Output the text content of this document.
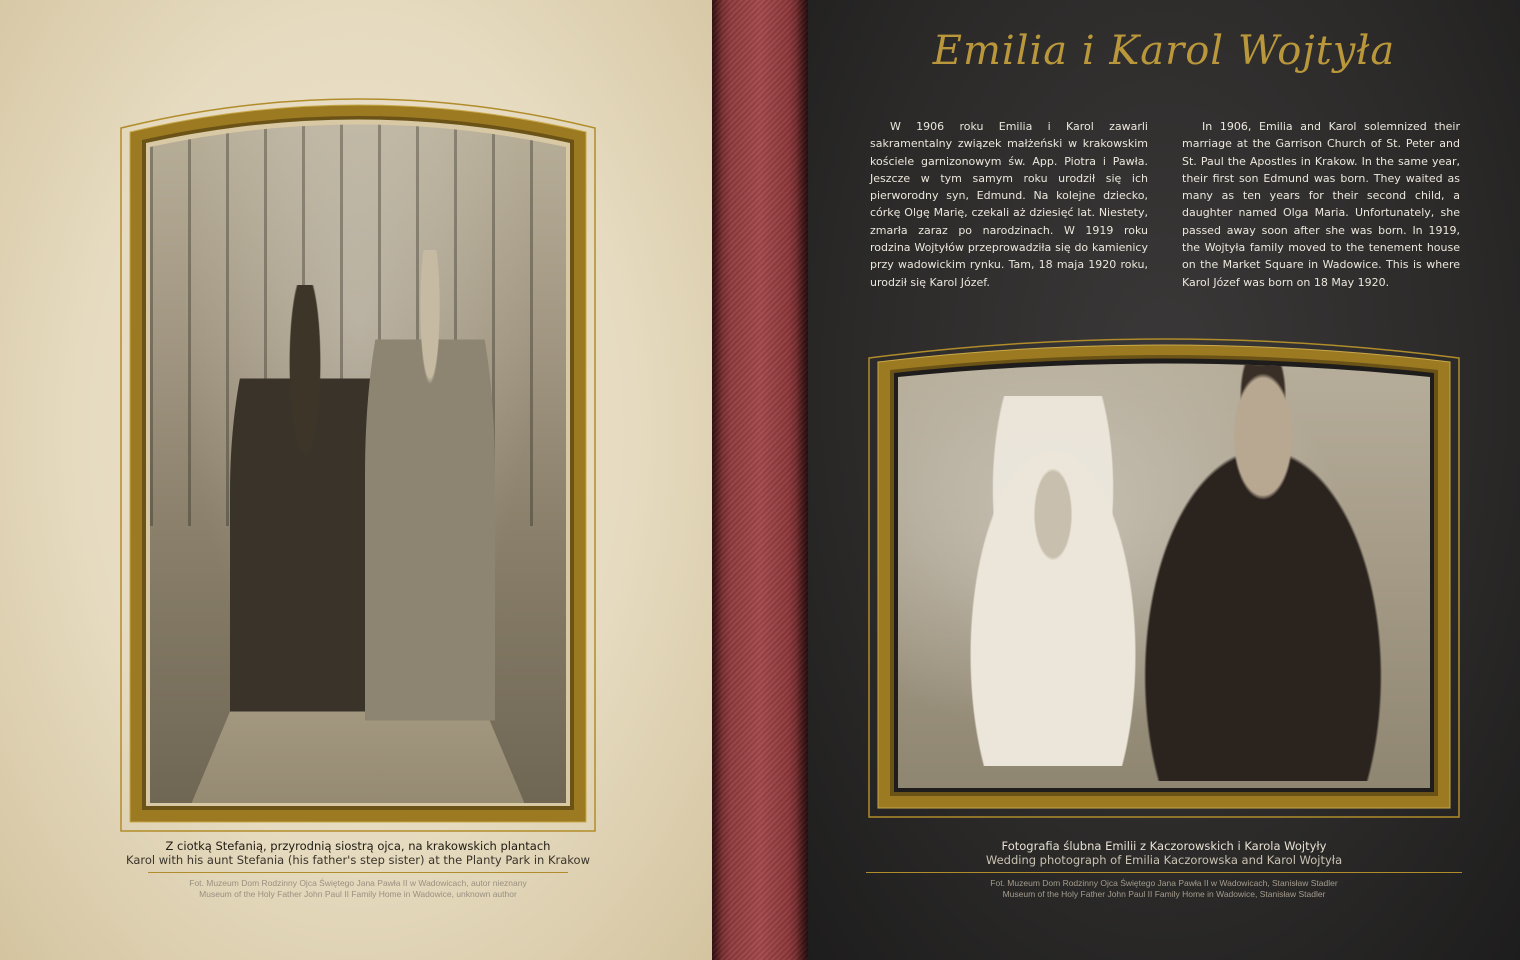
Z ciotką Stefanią, przyrodnią siostrą ojca, na krakowskich plantach
Karol with his aunt Stefania (his father's step sister) at the Planty Park in Krakow
Fot. Muzeum Dom Rodzinny Ojca Świętego Jana Pawła II w Wadowicach, autor nieznany
Museum of the Holy Father John Paul II Family Home in Wadowice, unknown author
Emilia i Karol Wojtyła

W 1906 roku Emilia i Karol zawarli sakramentalny związek małżeński w krakowskim kościele garnizonowym św. App. Piotra i Pawła. Jeszcze w tym samym roku urodził się ich pierworodny syn, Edmund. Na kolejne dziecko, córkę Olgę Marię, czekali aż dziesięć lat. Niestety, zmarła zaraz po narodzinach. W 1919 roku rodzina Wojtyłów przeprowadziła się do kamienicy przy wadowickim rynku. Tam, 18 maja 1920 roku, urodził się Karol Józef.

In 1906, Emilia and Karol solemnized their marriage at the Garrison Church of St. Peter and St. Paul the Apostles in Krakow. In the same year, their first son Edmund was born. They waited as many as ten years for their second child, a daughter named Olga Maria. Unfortunately, she passed away soon after she was born. In 1919, the Wojtyła family moved to the tenement house on the Market Square in Wadowice. This is where Karol Józef was born on 18 May 1920.

Fotografia ślubna Emilii z Kaczorowskich i Karola Wojtyły
Wedding photograph of Emilia Kaczorowska and Karol Wojtyła
Fot. Muzeum Dom Rodzinny Ojca Świętego Jana Pawła II w Wadowicach, Stanisław Stadler
Museum of the Holy Father John Paul II Family Home in Wadowice, Stanisław Stadler
